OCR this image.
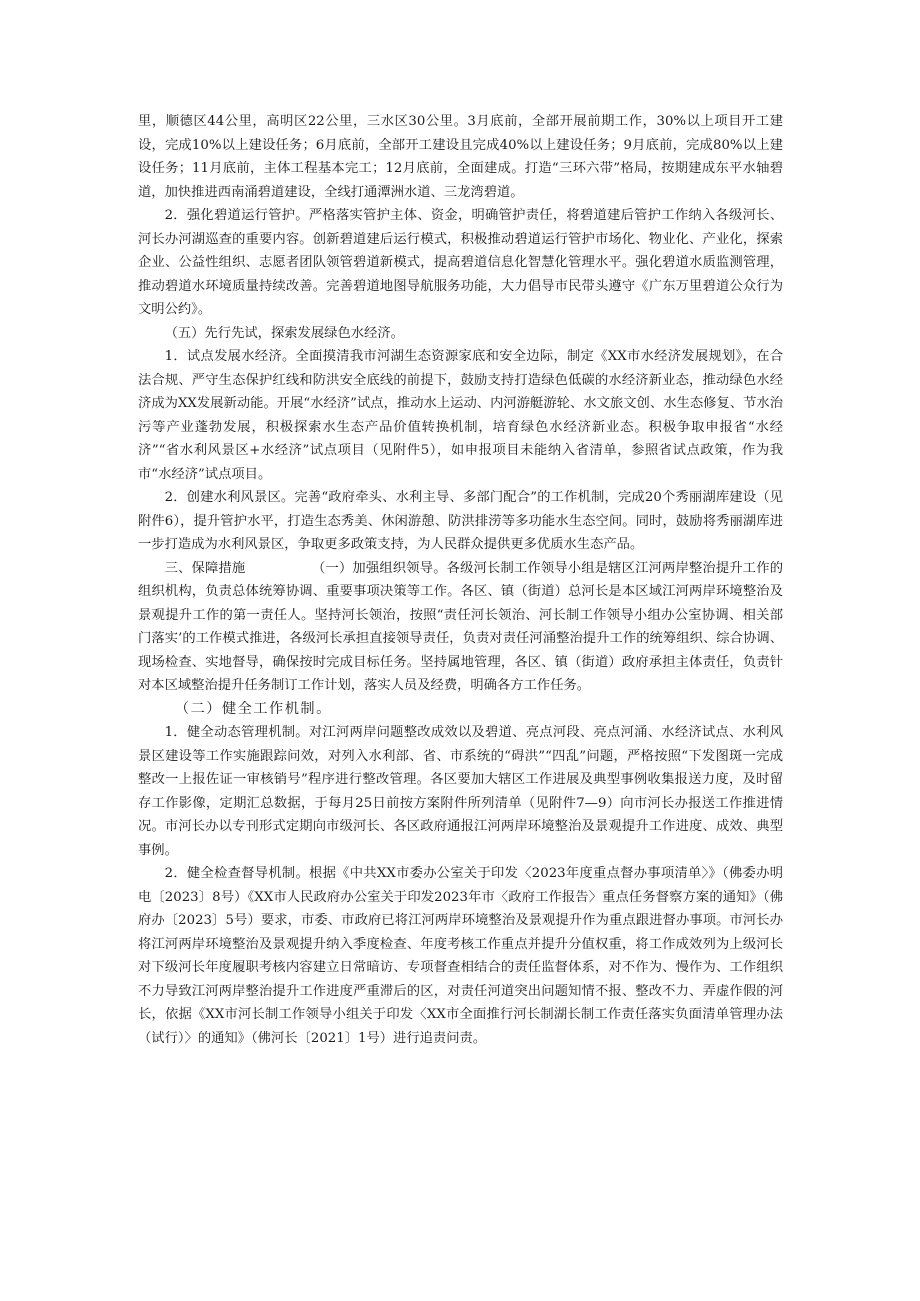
里，顺德区44公里，高明区22公里，三水区30公里。3月底前，全部开展前期工作，30%以上项目开工建设，完成10%以上建设任务；6月底前，全部开工建设且完成40%以上建设任务；9月底前，完成80%以上建设任务；11月底前，主体工程基本完工；12月底前，全面建成。打造“三环六带”格局，按期建成东平水轴碧道，加快推进西南涌碧道建设，全线打通潭洲水道、三龙湾碧道。

2．强化碧道运行管护。严格落实管护主体、资金，明确管护责任，将碧道建后管护工作纳入各级河长、河长办河湖巡查的重要内容。创新碧道建后运行模式，积极推动碧道运行管护市场化、物业化、产业化，探索企业、公益性组织、志愿者团队领管碧道新模式，提高碧道信息化智慧化管理水平。强化碧道水质监测管理，推动碧道水环境质量持续改善。完善碧道地图导航服务功能，大力倡导市民带头遵守《广东万里碧道公众行为文明公约》。

（五）先行先试，探索发展绿色水经济。

1．试点发展水经济。全面摸清我市河湖生态资源家底和安全边际，制定《XX市水经济发展规划》，在合法合规、严守生态保护红线和防洪安全底线的前提下，鼓励支持打造绿色低碳的水经济新业态，推动绿色水经济成为XX发展新动能。开展“水经济”试点，推动水上运动、内河游艇游轮、水文旅文创、水生态修复、节水治污等产业蓬勃发展，积极探索水生态产品价值转换机制，培育绿色水经济新业态。积极争取申报省“水经济”“省水利风景区+水经济”试点项目（见附件5），如申报项目未能纳入省清单，参照省试点政策，作为我市“水经济”试点项目。

2．创建水利风景区。完善“政府牵头、水利主导、多部门配合”的工作机制，完成20个秀丽湖库建设（见附件6），提升管护水平，打造生态秀美、休闲游憩、防洪排涝等多功能水生态空间。同时，鼓励将秀丽湖库进一步打造成为水利风景区，争取更多政策支持，为人民群众提供更多优质水生态产品。

三、保障措施	（一）加强组织领导。各级河长制工作领导小组是辖区江河两岸整治提升工作的组织机构，负责总体统筹协调、重要事项决策等工作。各区、镇（街道）总河长是本区域江河两岸环境整治及景观提升工作的第一责任人。坚持河长领治，按照“责任河长领治、河长制工作领导小组办公室协调、相关部门落实’的工作模式推进，各级河长承担直接领导责任，负责对责任河涌整治提升工作的统筹组织、综合协调、现场检查、实地督导，确保按时完成目标任务。坚持属地管理，各区、镇（街道）政府承担主体责任，负责针对本区域整治提升任务制订工作计划，落实人员及经费，明确各方工作任务。

（二）健全工作机制。

1．健全动态管理机制。对江河两岸问题整改成效以及碧道、亮点河段、亮点河涌、水经济试点、水利风景区建设等工作实施跟踪问效，对列入水利部、省、市系统的“碍洪”“四乱”问题，严格按照“下发图斑一完成整改一上报佐证一审核销号”程序进行整改管理。各区要加大辖区工作进展及典型事例收集报送力度，及时留存工作影像，定期汇总数据，于每月25日前按方案附件所列清单（见附件7—9）向市河长办报送工作推进情况。市河长办以专刊形式定期向市级河长、各区政府通报江河两岸环境整治及景观提升工作进度、成效、典型事例。

2．健全检查督导机制。根据《中共XX市委办公室关于印发〈2023年度重点督办事项清单〉》（佛委办明电〔2023〕8号）《XX市人民政府办公室关于印发2023年市〈政府工作报告〉重点任务督察方案的通知》（佛府办〔2023〕5号）要求，市委、市政府已将江河两岸环境整治及景观提升作为重点跟进督办事项。市河长办将江河两岸环境整治及景观提升纳入季度检查、年度考核工作重点并提升分值权重，将工作成效列为上级河长对下级河长年度履职考核内容建立日常暗访、专项督查相结合的责任监督体系，对不作为、慢作为、工作组织不力导致江河两岸整治提升工作进度严重滞后的区，对责任河道突出问题知情不报、整改不力、弄虚作假的河长，依据《XX市河长制工作领导小组关于印发〈XX市全面推行河长制湖长制工作责任落实负面清单管理办法（试行）〉的通知》（佛河长〔2021〕1号）进行追责问责。
